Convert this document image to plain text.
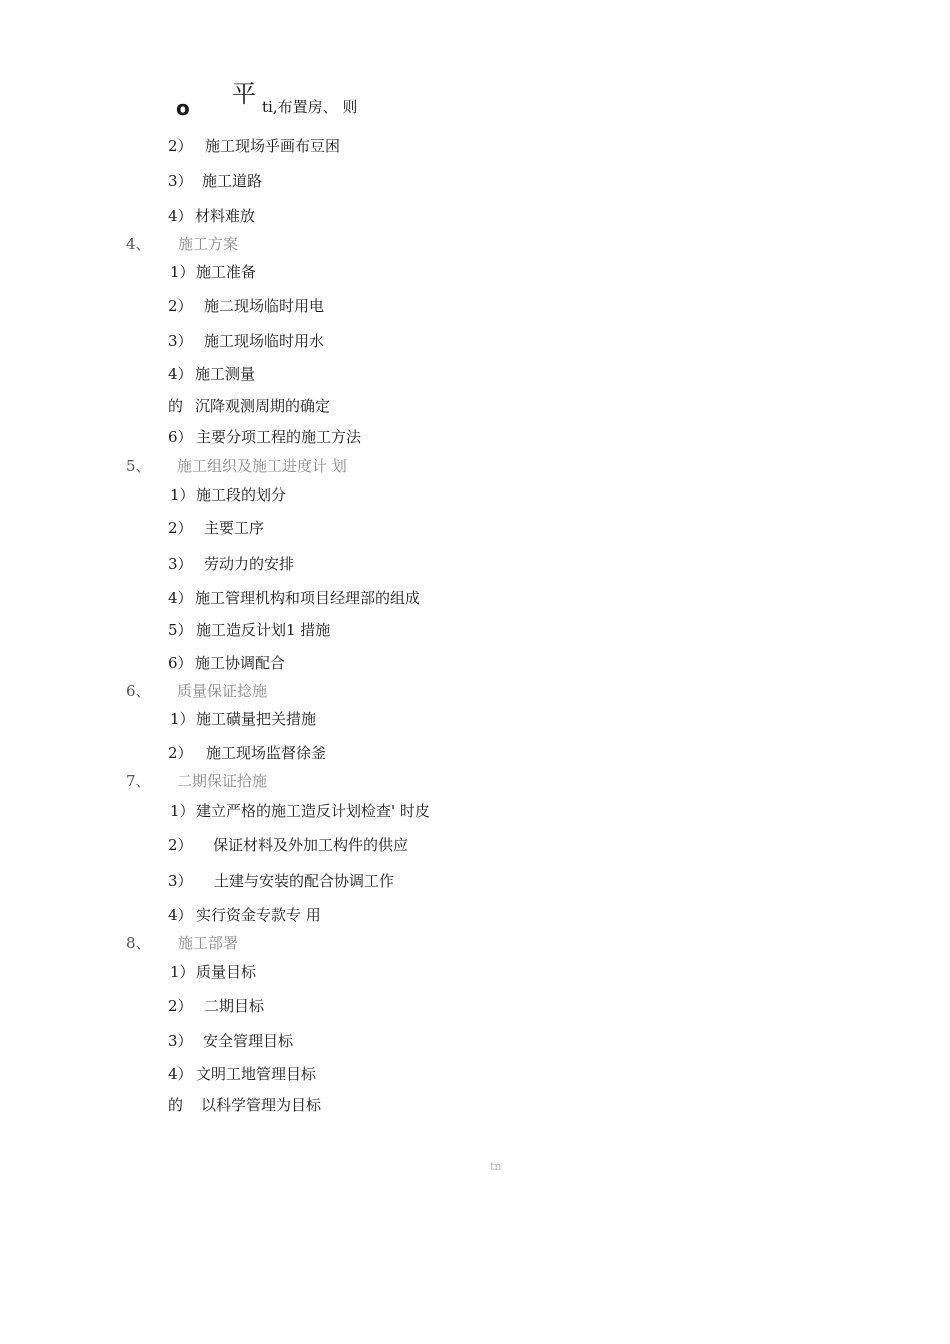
o 平 ti,布置房、 则
2） 施工现场乎画布豆困
3） 施工道路
4） 材料难放
4、 施工方案
1） 施工准备
2） 施二现场临时用电
3） 施工现场临时用水
4） 施工测量
的 沉降观测周期的确定
6） 主要分项工程的施工方法
5、 施工组织及施工进度计 划
1） 施工段的划分
2） 主要工序
3） 劳动力的安排
4） 施工管理机构和项目经理部的组成
5） 施工造反计划1 措施
6） 施工协调配合
6、 质量保证捻施
1） 施工磺量把关措施
2） 施工现场监督徐釜
7、 二期保证拾施
1） 建立严格的施工造反计划检查' 时皮
2） 保证材料及外加工构件的供应
3） 土建与安装的配合协调工作
4） 实行资金专款专 用
8、 施工部署
1） 质量目标
2） 二期目标
3） 安全管理目标
4） 文明工地管理目标
的 以科学管理为目标
tn
